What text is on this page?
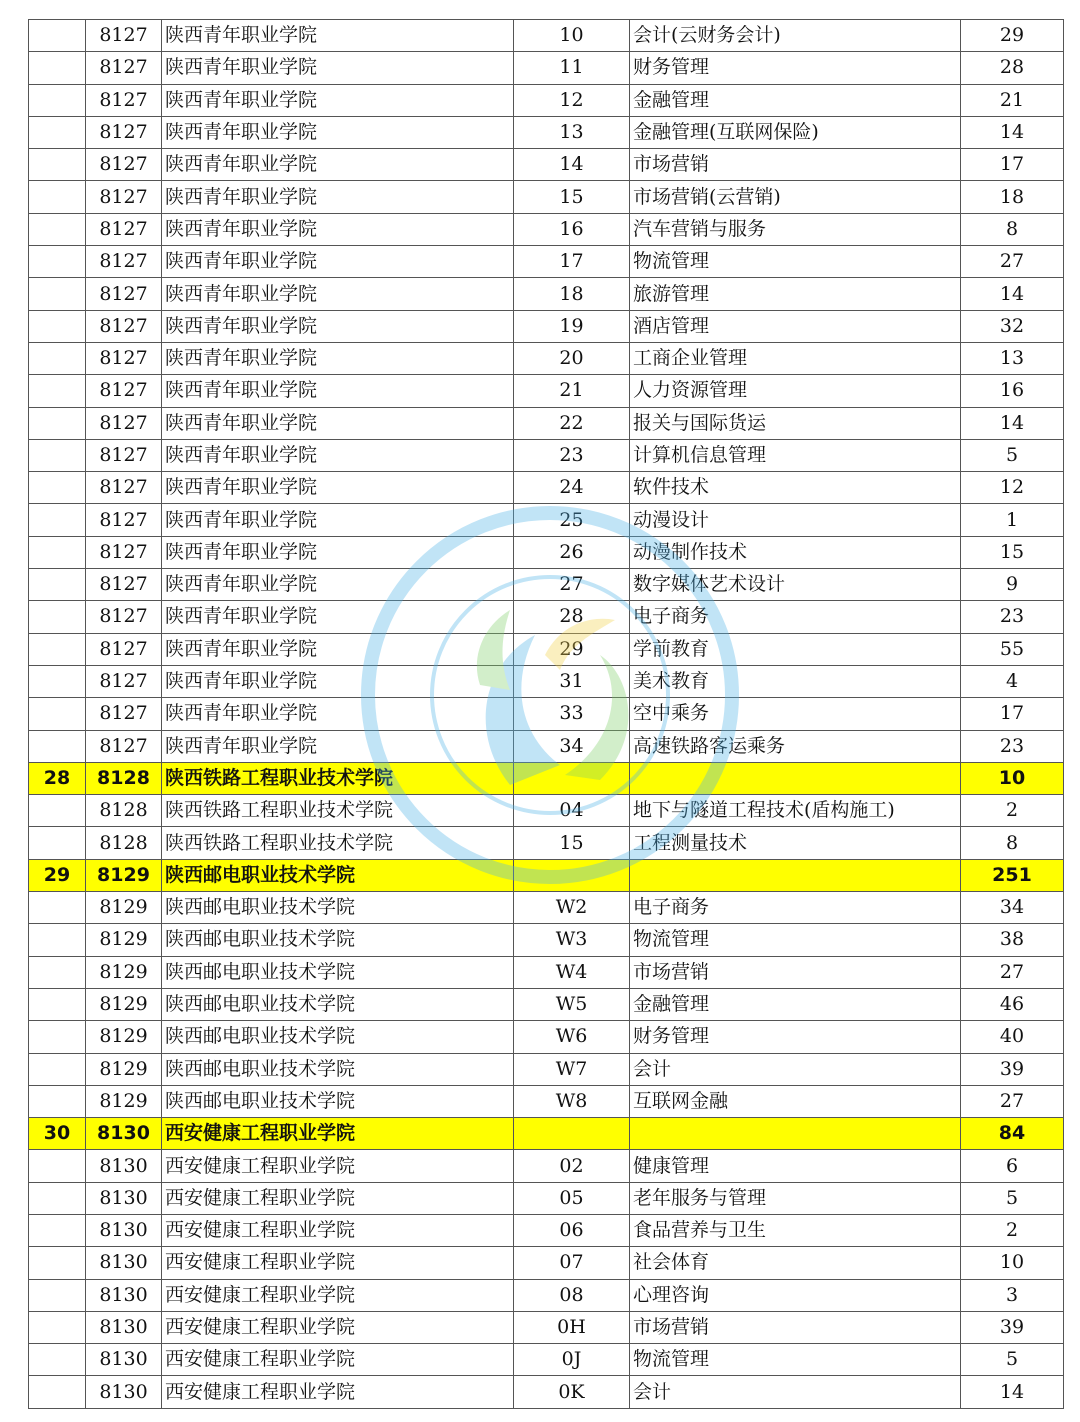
	8127	陕西青年职业学院	10	会计(云财务会计)	29
	8127	陕西青年职业学院	11	财务管理	28
	8127	陕西青年职业学院	12	金融管理	21
	8127	陕西青年职业学院	13	金融管理(互联网保险)	14
	8127	陕西青年职业学院	14	市场营销	17
	8127	陕西青年职业学院	15	市场营销(云营销)	18
	8127	陕西青年职业学院	16	汽车营销与服务	8
	8127	陕西青年职业学院	17	物流管理	27
	8127	陕西青年职业学院	18	旅游管理	14
	8127	陕西青年职业学院	19	酒店管理	32
	8127	陕西青年职业学院	20	工商企业管理	13
	8127	陕西青年职业学院	21	人力资源管理	16
	8127	陕西青年职业学院	22	报关与国际货运	14
	8127	陕西青年职业学院	23	计算机信息管理	5
	8127	陕西青年职业学院	24	软件技术	12
	8127	陕西青年职业学院	25	动漫设计	1
	8127	陕西青年职业学院	26	动漫制作技术	15
	8127	陕西青年职业学院	27	数字媒体艺术设计	9
	8127	陕西青年职业学院	28	电子商务	23
	8127	陕西青年职业学院	29	学前教育	55
	8127	陕西青年职业学院	31	美术教育	4
	8127	陕西青年职业学院	33	空中乘务	17
	8127	陕西青年职业学院	34	高速铁路客运乘务	23
28	8128	陕西铁路工程职业技术学院			10
	8128	陕西铁路工程职业技术学院	04	地下与隧道工程技术(盾构施工)	2
	8128	陕西铁路工程职业技术学院	15	工程测量技术	8
29	8129	陕西邮电职业技术学院			251
	8129	陕西邮电职业技术学院	W2	电子商务	34
	8129	陕西邮电职业技术学院	W3	物流管理	38
	8129	陕西邮电职业技术学院	W4	市场营销	27
	8129	陕西邮电职业技术学院	W5	金融管理	46
	8129	陕西邮电职业技术学院	W6	财务管理	40
	8129	陕西邮电职业技术学院	W7	会计	39
	8129	陕西邮电职业技术学院	W8	互联网金融	27
30	8130	西安健康工程职业学院			84
	8130	西安健康工程职业学院	02	健康管理	6
	8130	西安健康工程职业学院	05	老年服务与管理	5
	8130	西安健康工程职业学院	06	食品营养与卫生	2
	8130	西安健康工程职业学院	07	社会体育	10
	8130	西安健康工程职业学院	08	心理咨询	3
	8130	西安健康工程职业学院	0H	市场营销	39
	8130	西安健康工程职业学院	0J	物流管理	5
	8130	西安健康工程职业学院	0K	会计	14
